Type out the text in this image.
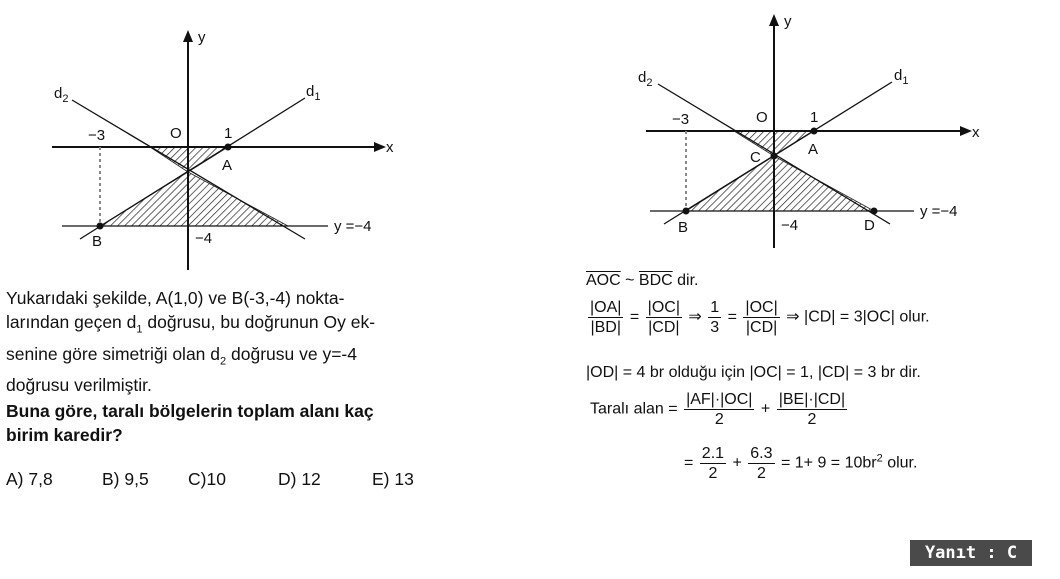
y
x
O
$d_2$	$d_1$
−3	1
A
B	−4
y =−4

Yukarıdaki şekilde, A(1,0) ve B(-3,-4) nokta-

larından geçen $d_1$ doğrusu, bu doğrunun Oy ek-

senine göre simetriği olan $d_2$ doğrusu ve y=-4

doğrusu verilmiştir.

Buna göre, taralı bölgelerin toplam alanı kaç

birim karedir?

A) 7,8	B) 9,5 C)10	D) 12	E) 13
y
x
O
$d_2$	$d_1$
−3	1
A
C
B	−4	D
y =−4
$\overline{AOC}$ ~ $\overline{BDC}$ dir.
$\frac{|OA|}{|BD|} = \frac{|OC|}{|CD|}$ ⇒ $\frac{1}{3} = \frac{|OC|}{|CD|}$ ⇒ |CD| = 3|OC| olur.
|OD| = 4 br olduğu için |OC| = 1, |CD| = 3 br dir.
Taralı alan = $\frac{|AF|\cdot|OC|}{2} + \frac{|BE|\cdot|CD|}{2}$
= $\frac{2.1}{2} + \frac{6.3}{2} = 1+ 9 = 10br^2$ olur.
Yanıt : C
